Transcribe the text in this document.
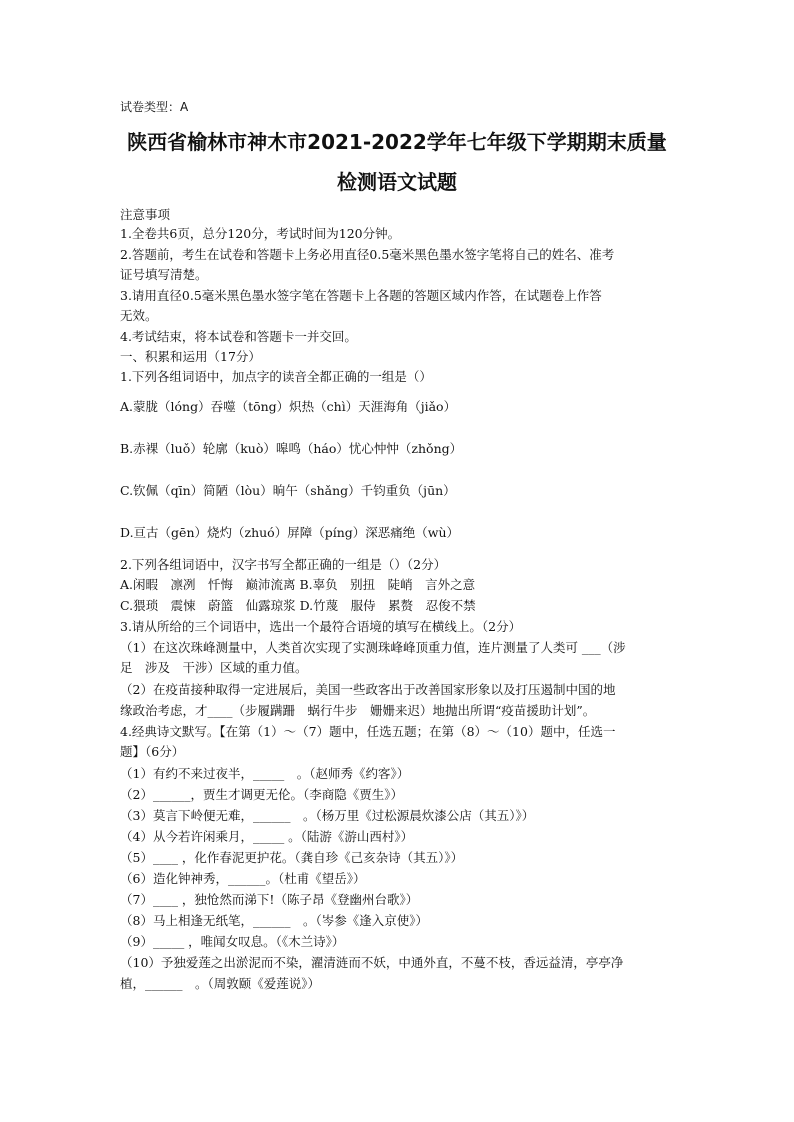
试卷类型：A
陕西省榆林市神木市2021-2022学年七年级下学期期末质量
检测语文试题
注意事项
1.全卷共6页，总分120分，考试时间为120分钟。
2.答题前，考生在试卷和答题卡上务必用直径0.5毫米黑色墨水签字笔将自己的姓名、准考
证号填写清楚。
3.请用直径0.5毫米黑色墨水签字笔在答题卡上各题的答题区域内作答，在试题卷上作答
无效。
4.考试结束，将本试卷和答题卡一并交回。
一、积累和运用（17分）
1.下列各组词语中，加点字的读音全都正确的一组是（）
A.蒙胧（lóng）吞噬（tōng）炽热（chì）天涯海角（jiǎo）
B.赤裸（luǒ）轮廓（kuò）嗥鸣（háo）忧心忡忡（zhǒng）
C.钦佩（qīn）简陋（lòu）晌午（shǎng）千钧重负（jūn）
D.亘古（gēn）烧灼（zhuó）屏障（píng）深恶痛绝（wù）
2.下列各组词语中，汉字书写全都正确的一组是（）（2分）
A.闲暇　凛冽　忏悔　巅沛流离 B.辜负　别扭　陡峭　言外之意
C.猥琐　震悚　蔚篮　仙露琼浆 D.竹蔑　服侍　累赘　忍俊不禁
3.请从所给的三个词语中，选出一个最符合语境的填写在横线上。（2分）
（1）在这次珠峰测量中，人类首次实现了实测珠峰峰顶重力值，连片测量了人类可 ___（涉
足　涉及　干涉）区域的重力值。
（2）在疫苗接种取得一定进展后，美国一些政客出于改善国家形象以及打压遏制中国的地
缘政治考虑，才____（步履蹒跚　蜗行牛步　姗姗来迟）地抛出所谓“疫苗援助计划”。
4.经典诗文默写。【在第（1）～（7）题中，任选五题；在第（8）～（10）题中，任选一
题】（6分）
（1）有约不来过夜半，_____　。（赵师秀《约客》）
（2）______，贾生才调更无伦。（李商隐《贾生》）
（3）莫言下岭便无难，______　。（杨万里《过松源晨炊漆公店（其五）》）
（4）从今若许闲乘月，_____ 。（陆游《游山西村》）
（5）____ ，化作春泥更护花。（龚自珍《己亥杂诗（其五）》）
（6）造化钟神秀，______。（杜甫《望岳》）
（7）____ ，独怆然而涕下!（陈子昂《登幽州台歌》）
（8）马上相逢无纸笔，______　。（岑参《逢入京使》）
（9）_____ ，唯闻女叹息。（《木兰诗》）
（10）予独爱莲之出淤泥而不染，濯清涟而不妖，中通外直，不蔓不枝，香远益清，亭亭净
植，______　。（周敦颐《爱莲说》）
